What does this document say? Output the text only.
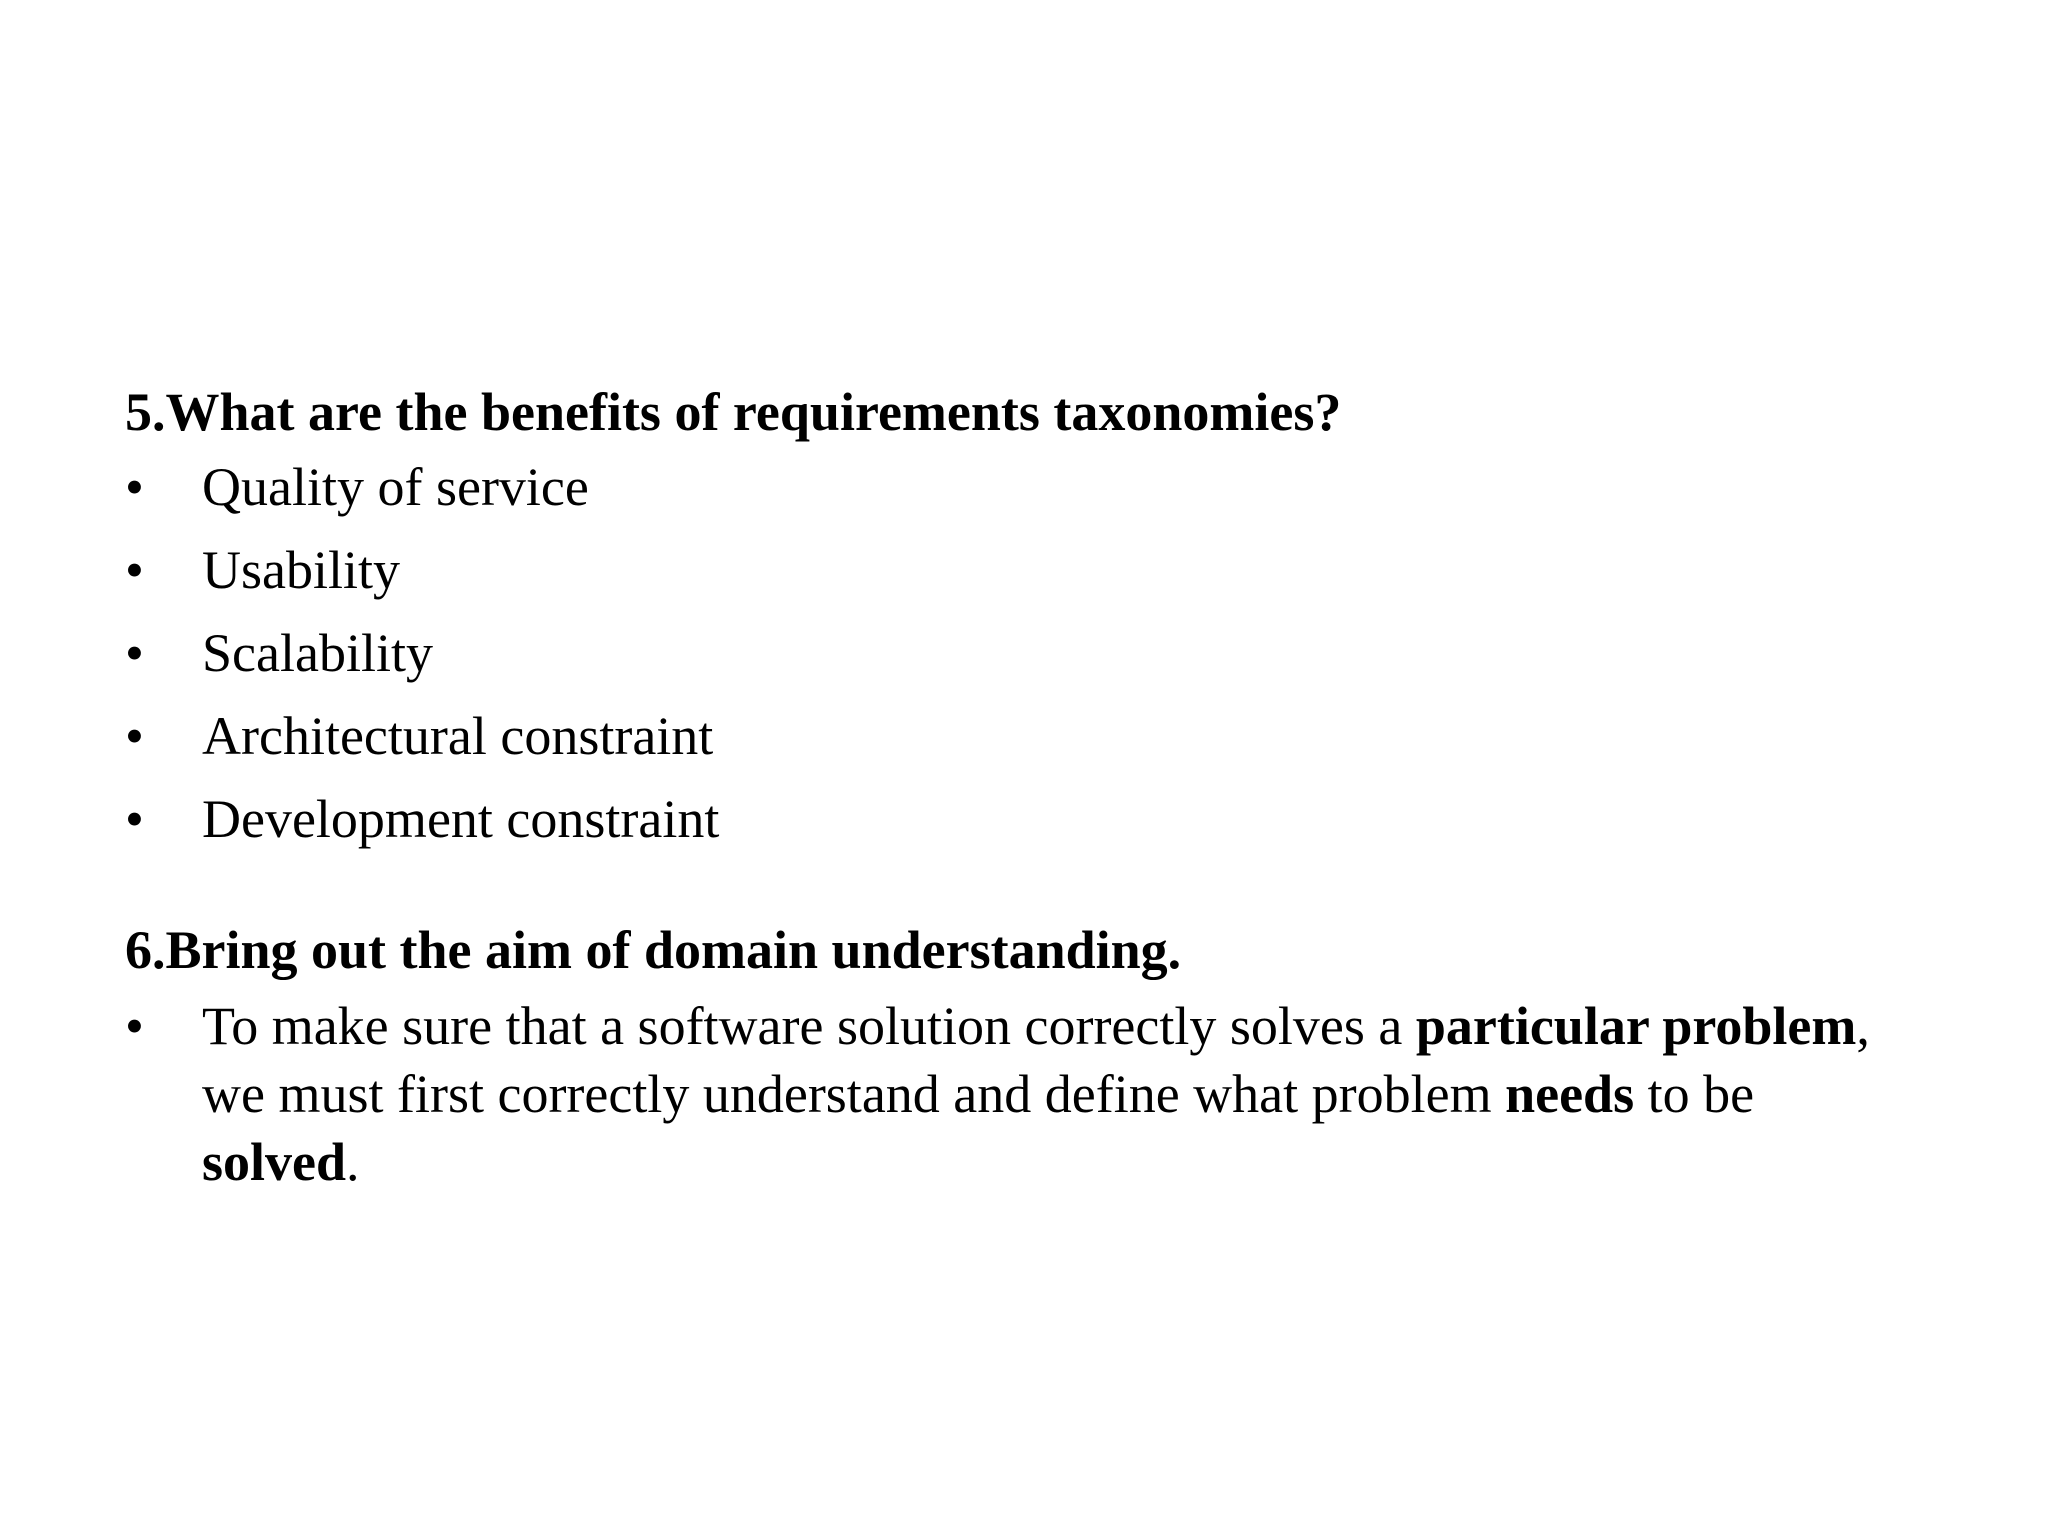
5.What are the benefits of requirements taxonomies?

•	Quality of service
•	Usability
•	Scalability
•	Architectural constraint
•	Development constraint

6.Bring out the aim of domain understanding.

•	To make sure that a software solution correctly solves a particular problem, we must first correctly understand and define what problem needs to be solved.
